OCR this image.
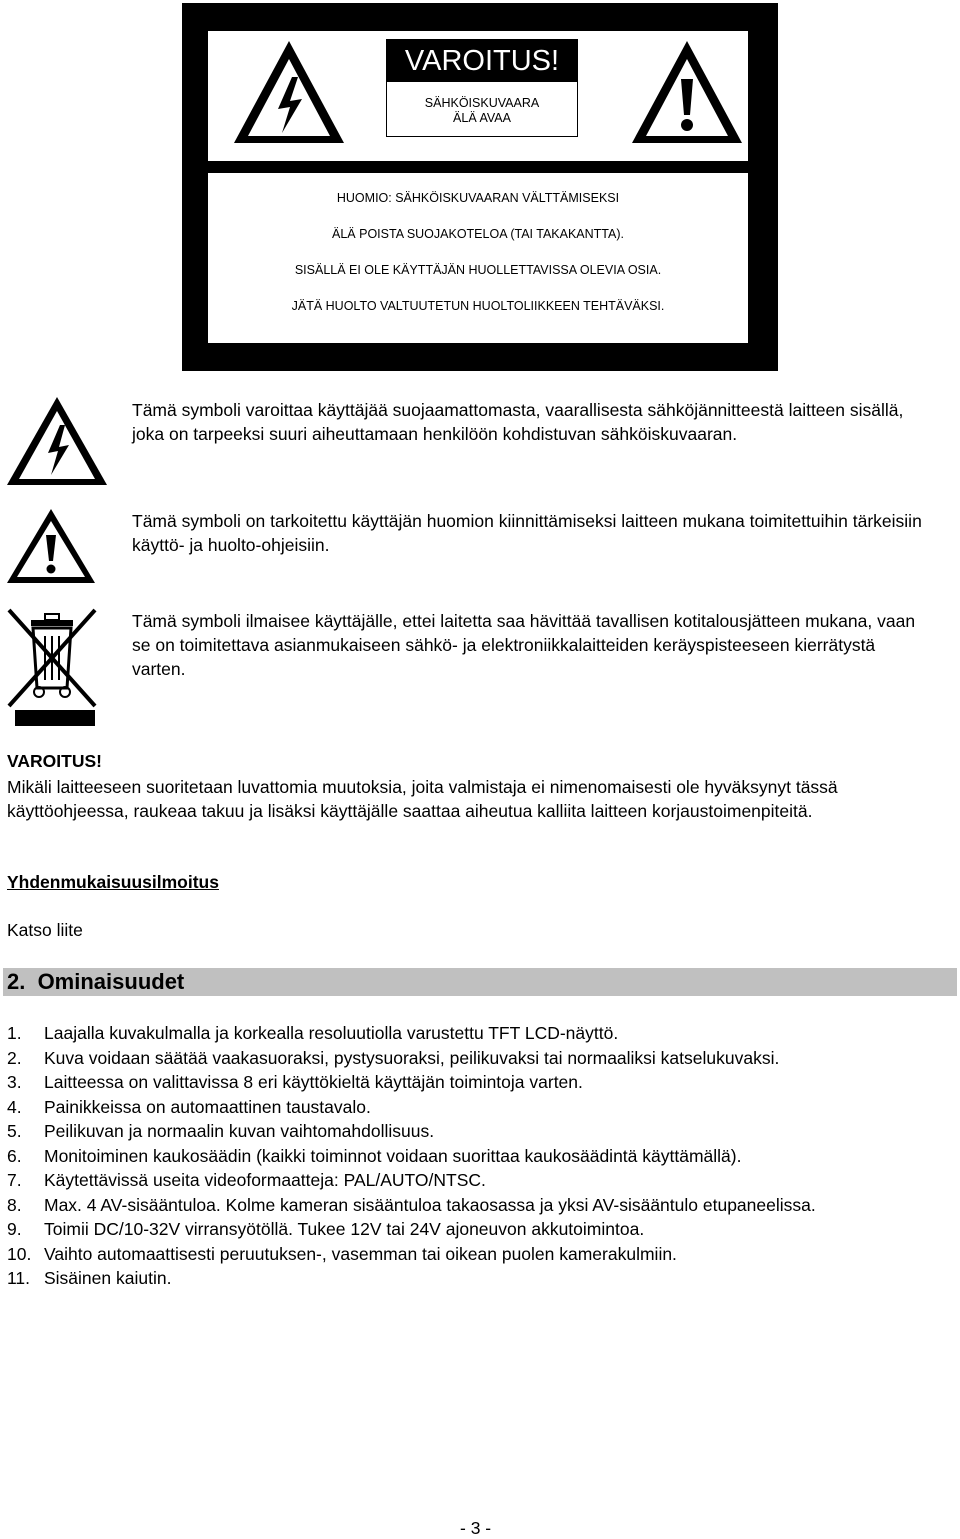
VAROITUS!

SÄHKÖISKUVAARA
ÄLÄ AVAA

HUOMIO: SÄHKÖISKUVAARAN VÄLTTÄMISEKSI

ÄLÄ POISTA SUOJAKOTELOA (TAI TAKAKANTTA).

SISÄLLÄ EI OLE KÄYTTÄJÄN HUOLLETTAVISSA OLEVIA OSIA.

JÄTÄ HUOLTO VALTUUTETUN HUOLTOLIIKKEEN TEHTÄVÄKSI.

Tämä symboli varoittaa käyttäjää suojaamattomasta, vaarallisesta sähköjännitteestä laitteen sisällä, joka on tarpeeksi suuri aiheuttamaan henkilöön kohdistuvan sähköiskuvaaran.

Tämä symboli on tarkoitettu käyttäjän huomion kiinnittämiseksi laitteen mukana toimitettuihin tärkeisiin käyttö- ja huolto-ohjeisiin.

Tämä symboli ilmaisee käyttäjälle, ettei laitetta saa hävittää tavallisen kotitalousjätteen mukana, vaan se on toimitettava asianmukaiseen sähkö- ja elektroniikkalaitteiden keräyspisteeseen kierrätystä varten.

VAROITUS!

Mikäli laitteeseen suoritetaan luvattomia muutoksia, joita valmistaja ei nimenomaisesti ole hyväksynyt tässä käyttöohjeessa, raukeaa takuu ja lisäksi käyttäjälle saattaa aiheutua kalliita laitteen korjaustoimenpiteitä.

Yhdenmukaisuusilmoitus

Katso liite

2.  Ominaisuudet
1. Laajalla kuvakulmalla ja korkealla resoluutiolla varustettu TFT LCD-näyttö.
2. Kuva voidaan säätää vaakasuoraksi, pystysuoraksi, peilikuvaksi tai normaaliksi katselukuvaksi.
3. Laitteessa on valittavissa 8 eri käyttökieltä käyttäjän toimintoja varten.
4. Painikkeissa on automaattinen taustavalo.
5. Peilikuvan ja normaalin kuvan vaihtomahdollisuus.
6. Monitoiminen kaukosäädin (kaikki toiminnot voidaan suorittaa kaukosäädintä käyttämällä).
7. Käytettävissä useita videoformaatteja: PAL/AUTO/NTSC.
8. Max. 4 AV-sisääntuloa. Kolme kameran sisääntuloa takaosassa ja yksi AV-sisääntulo etupaneelissa.
9. Toimii DC/10-32V virransyötöllä. Tukee 12V tai 24V ajoneuvon akkutoimintoa.
10. Vaihto automaattisesti peruutuksen-, vasemman tai oikean puolen kamerakulmiin.
11. Sisäinen kaiutin.

- 3 -
